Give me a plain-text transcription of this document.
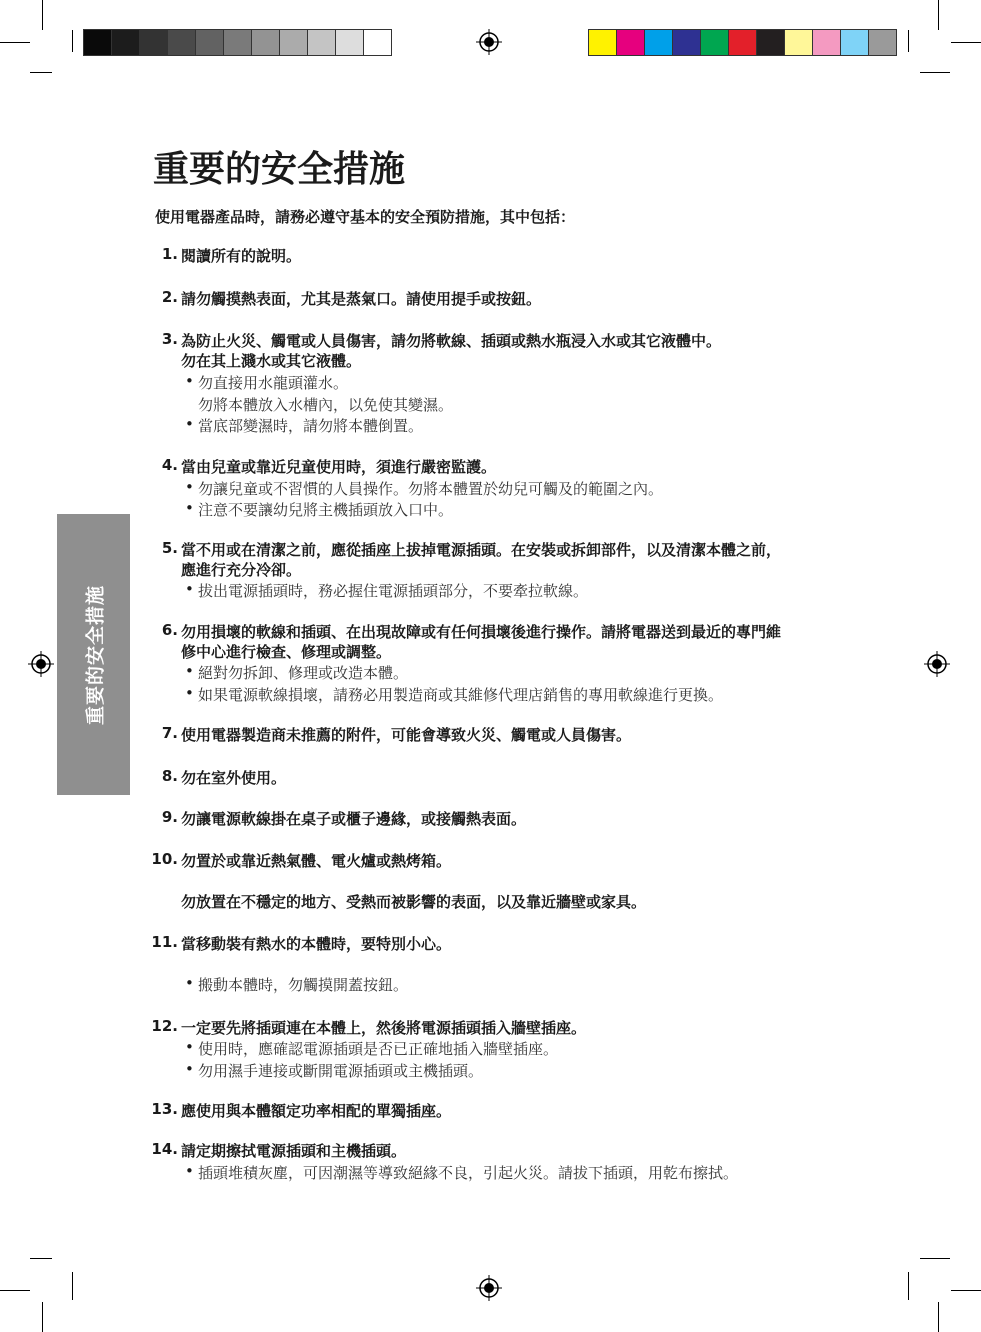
重要的安全措施
重要的安全措施
使用電器產品時，請務必遵守基本的安全預防措施，其中包括：
1. 閱讀所有的說明。
2. 請勿觸摸熱表面，尤其是蒸氣口。請使用提手或按鈕。
3. 為防止火災、觸電或人員傷害，請勿將軟線、插頭或熱水瓶浸入水或其它液體中。
勿在其上濺水或其它液體。
• 勿直接用水龍頭灌水。
勿將本體放入水槽內，以免使其變濕。
• 當底部變濕時，請勿將本體倒置。
4. 當由兒童或靠近兒童使用時，須進行嚴密監護。
• 勿讓兒童或不習慣的人員操作。勿將本體置於幼兒可觸及的範圍之內。
• 注意不要讓幼兒將主機插頭放入口中。
5. 當不用或在清潔之前，應從插座上拔掉電源插頭。在安裝或拆卸部件，以及清潔本體之前，
應進行充分冷卻。
• 拔出電源插頭時，務必握住電源插頭部分，不要牽拉軟線。
6. 勿用損壞的軟線和插頭、在出現故障或有任何損壞後進行操作。請將電器送到最近的專門維
修中心進行檢查、修理或調整。
• 絕對勿拆卸、修理或改造本體。
• 如果電源軟線損壞，請務必用製造商或其維修代理店銷售的專用軟線進行更換。
7. 使用電器製造商未推薦的附件，可能會導致火災、觸電或人員傷害。
8. 勿在室外使用。
9. 勿讓電源軟線掛在桌子或櫃子邊緣，或接觸熱表面。
10. 勿置於或靠近熱氣體、電火爐或熱烤箱。
勿放置在不穩定的地方、受熱而被影響的表面，以及靠近牆壁或家具。
11. 當移動裝有熱水的本體時，要特別小心。
• 搬動本體時，勿觸摸開蓋按鈕。
12. 一定要先將插頭連在本體上，然後將電源插頭插入牆壁插座。
• 使用時，應確認電源插頭是否已正確地插入牆壁插座。
• 勿用濕手連接或斷開電源插頭或主機插頭。
13. 應使用與本體額定功率相配的單獨插座。
14. 請定期擦拭電源插頭和主機插頭。
• 插頭堆積灰塵，可因潮濕等導致絕緣不良，引起火災。請拔下插頭，用乾布擦拭。
